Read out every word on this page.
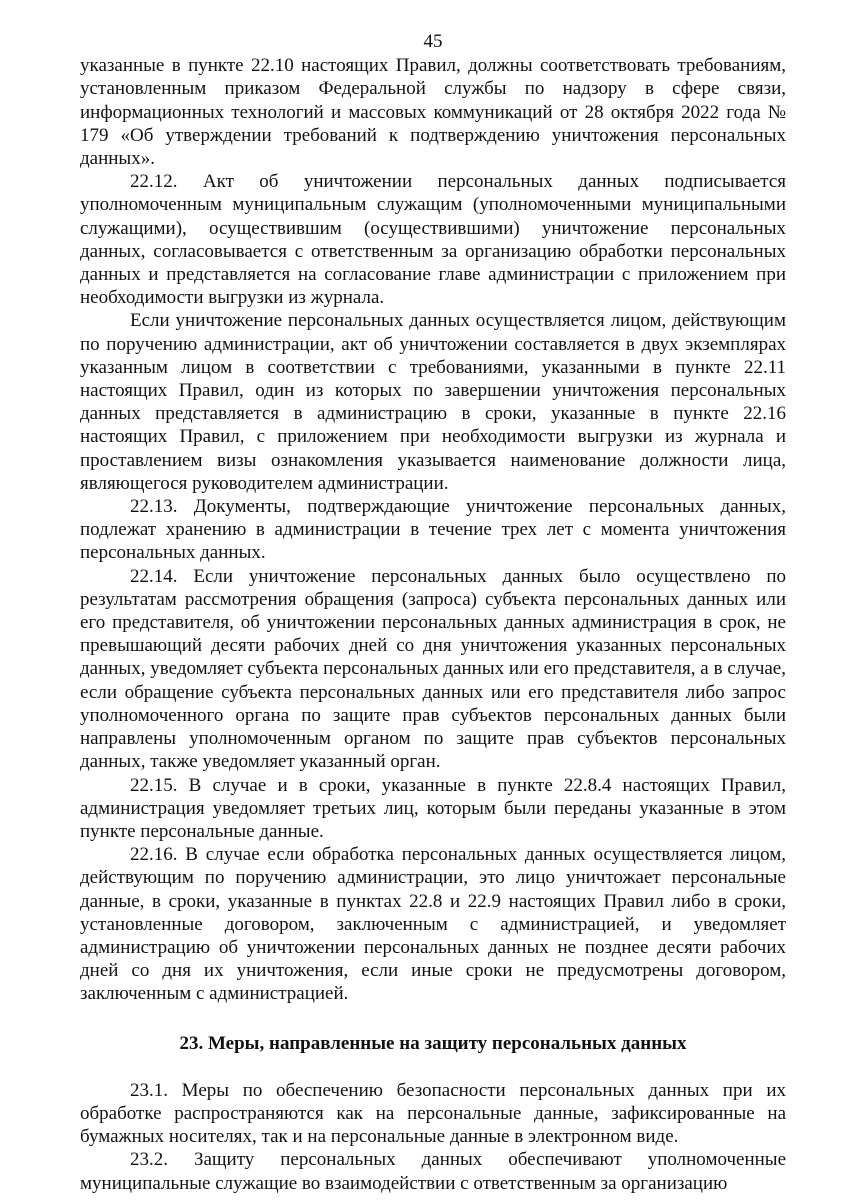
45

указанные в пункте 22.10 настоящих Правил, должны соответствовать требованиям, установленным приказом Федеральной службы по надзору в сфере связи, информационных технологий и массовых коммуникаций от 28 октября 2022 года № 179 «Об утверждении требований к подтверждению уничтожения персональных данных».

22.12. Акт об уничтожении персональных данных подписывается уполномоченным муниципальным служащим (уполномоченными муниципальными служащими), осуществившим (осуществившими) уничтожение персональных данных, согласовывается с ответственным за организацию обработки персональных данных и представляется на согласование главе администрации с приложением при необходимости выгрузки из журнала.

Если уничтожение персональных данных осуществляется лицом, действующим по поручению администрации, акт об уничтожении составляется в двух экземплярах указанным лицом в соответствии с требованиями, указанными в пункте 22.11 настоящих Правил, один из которых по завершении уничтожения персональных данных представляется в администрацию в сроки, указанные в пункте 22.16 настоящих Правил, с приложением при необходимости выгрузки из журнала и проставлением визы ознакомления указывается наименование должности лица, являющегося руководителем администрации.

22.13. Документы, подтверждающие уничтожение персональных данных, подлежат хранению в администрации в течение трех лет с момента уничтожения персональных данных.

22.14. Если уничтожение персональных данных было осуществлено по результатам рассмотрения обращения (запроса) субъекта персональных данных или его представителя, об уничтожении персональных данных администрация в срок, не превышающий десяти рабочих дней со дня уничтожения указанных персональных данных, уведомляет субъекта персональных данных или его представителя, а в случае, если обращение субъекта персональных данных или его представителя либо запрос уполномоченного органа по защите прав субъектов персональных данных были направлены уполномоченным органом по защите прав субъектов персональных данных, также уведомляет указанный орган.

22.15. В случае и в сроки, указанные в пункте 22.8.4 настоящих Правил, администрация уведомляет третьих лиц, которым были переданы указанные в этом пункте персональные данные.

22.16. В случае если обработка персональных данных осуществляется лицом, действующим по поручению администрации, это лицо уничтожает персональные данные, в сроки, указанные в пунктах 22.8 и 22.9 настоящих Правил либо в сроки, установленные договором, заключенным с администрацией, и уведомляет администрацию об уничтожении персональных данных не позднее десяти рабочих дней со дня их уничтожения, если иные сроки не предусмотрены договором, заключенным с администрацией.

23. Меры, направленные на защиту персональных данных

23.1. Меры по обеспечению безопасности персональных данных при их обработке распространяются как на персональные данные, зафиксированные на бумажных носителях, так и на персональные данные в электронном виде.

23.2. Защиту персональных данных обеспечивают уполномоченные муниципальные служащие во взаимодействии с ответственным за организацию
